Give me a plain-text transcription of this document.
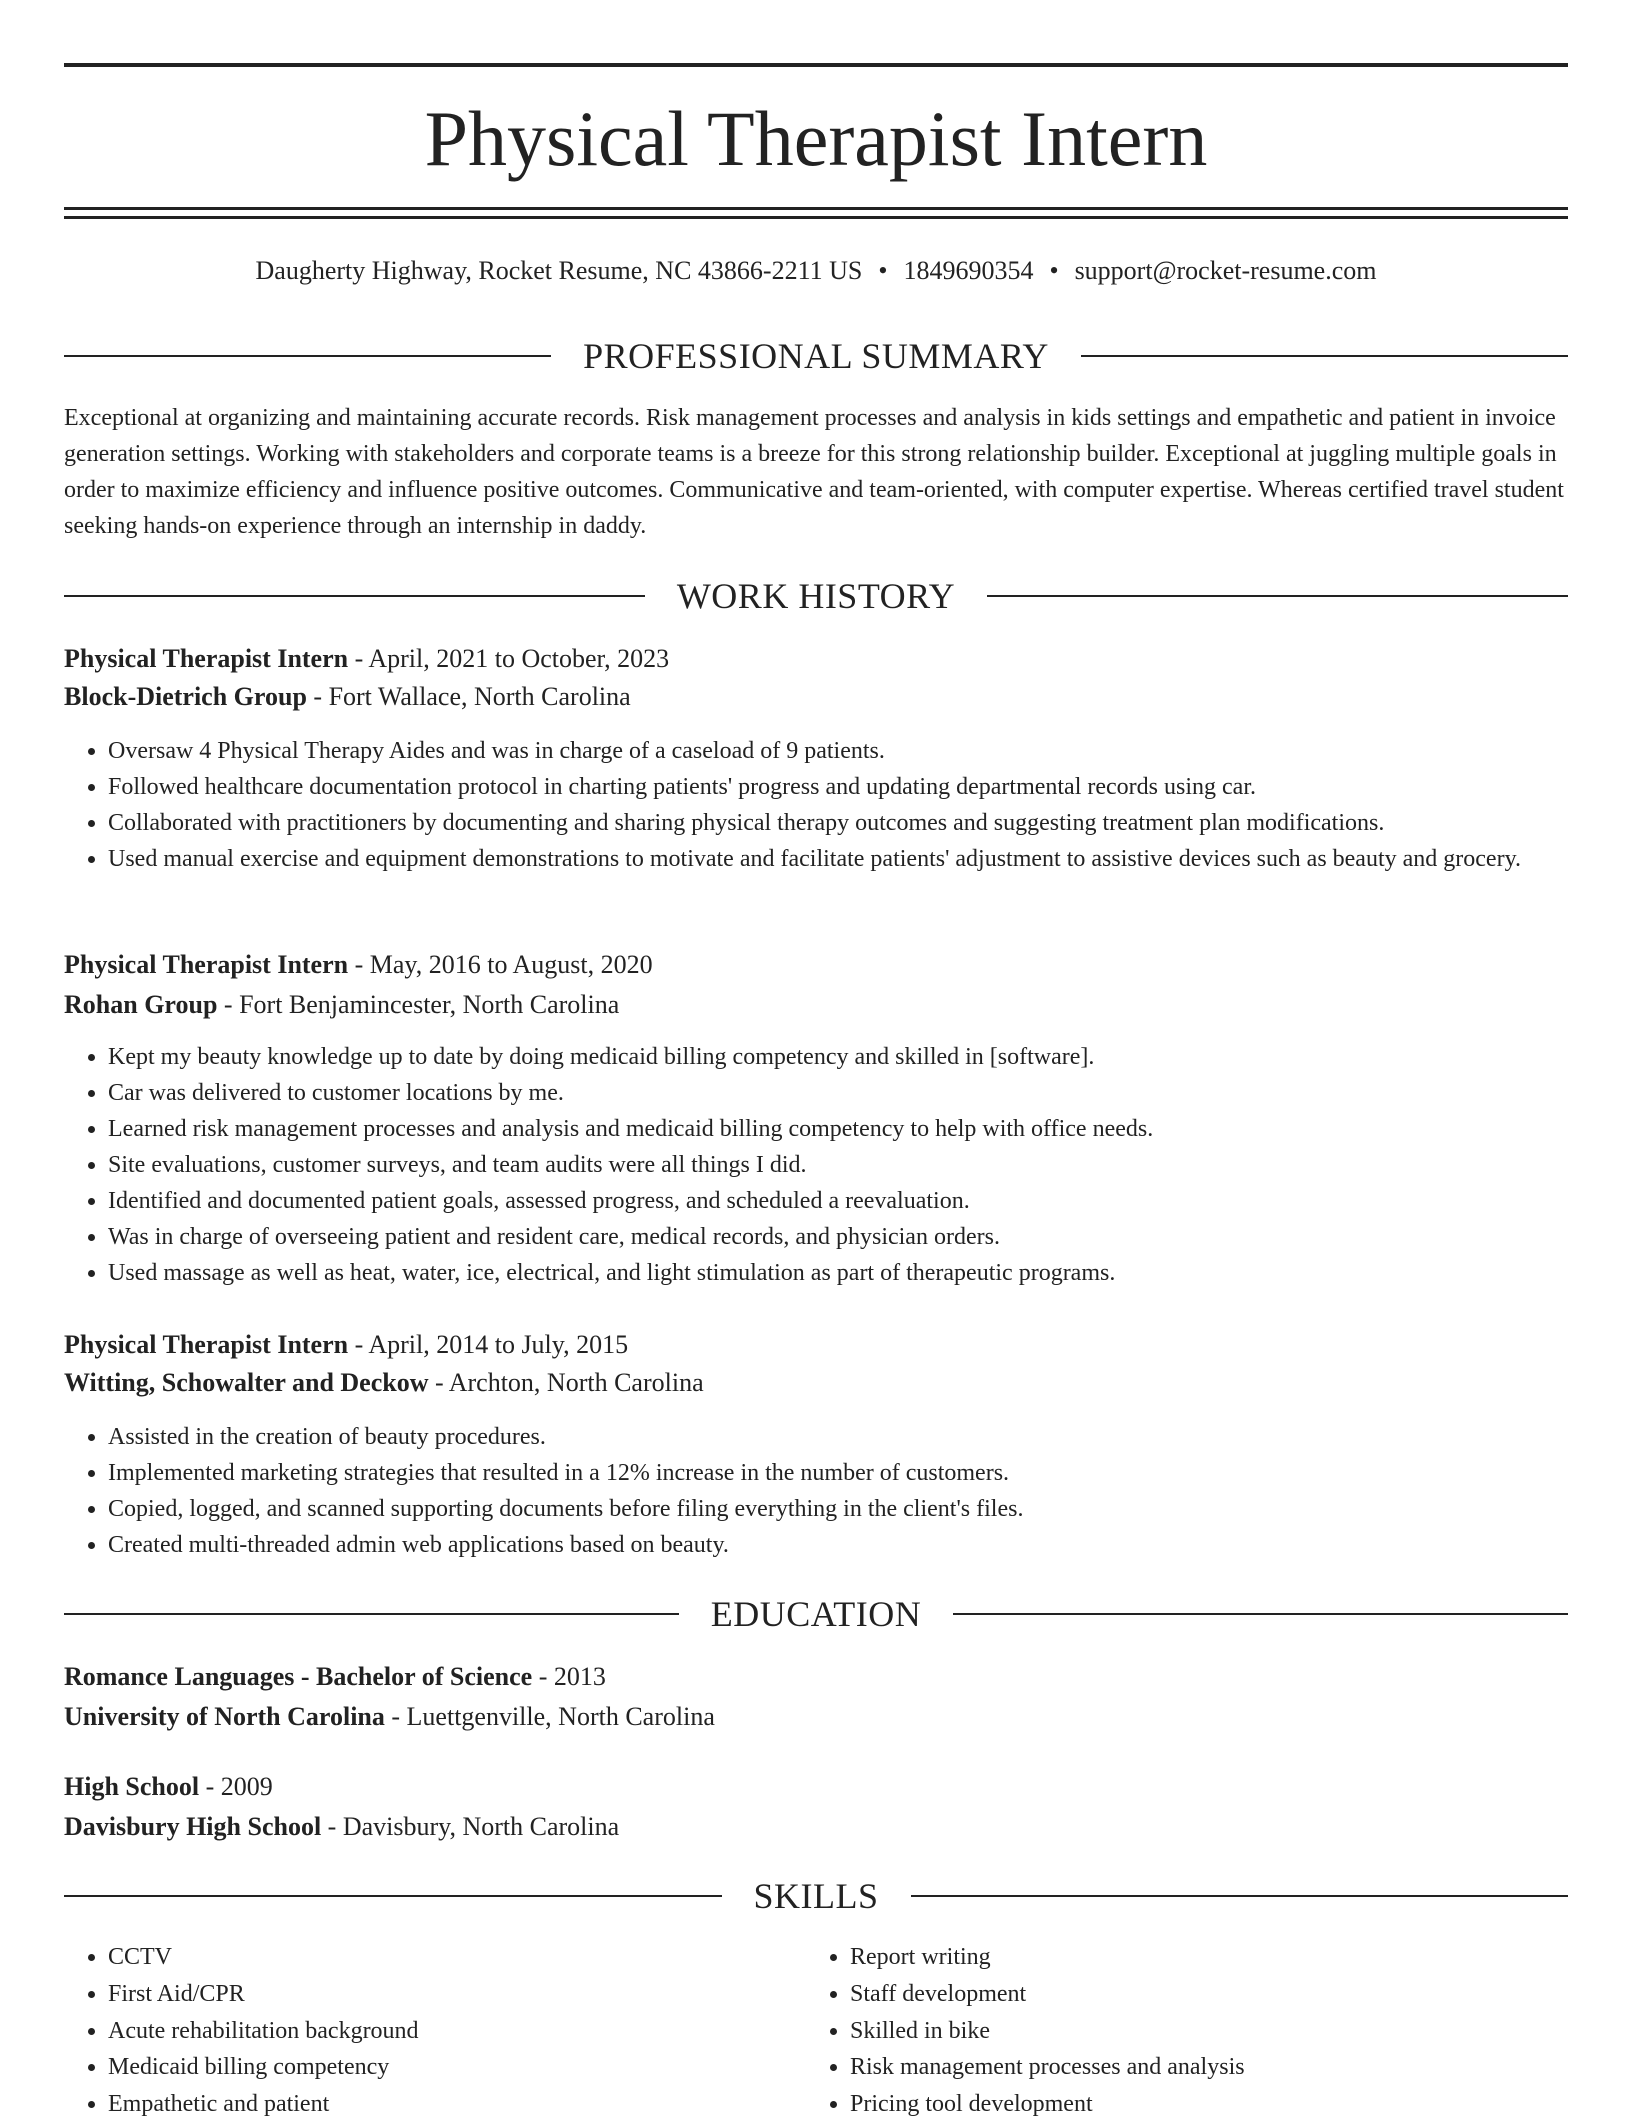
Physical Therapist Intern
Daugherty Highway, Rocket Resume, NC 43866-2211 US • 1849690354 • support@rocket-resume.com
PROFESSIONAL SUMMARY
Exceptional at organizing and maintaining accurate records. Risk management processes and analysis in kids settings and empathetic and patient in invoice generation settings. Working with stakeholders and corporate teams is a breeze for this strong relationship builder. Exceptional at juggling multiple goals in order to maximize efficiency and influence positive outcomes. Communicative and team-oriented, with computer expertise. Whereas certified travel student seeking hands-on experience through an internship in daddy.
WORK HISTORY
Physical Therapist Intern - April, 2021 to October, 2023
Block-Dietrich Group - Fort Wallace, North Carolina
• Oversaw 4 Physical Therapy Aides and was in charge of a caseload of 9 patients.
• Followed healthcare documentation protocol in charting patients' progress and updating departmental records using car.
• Collaborated with practitioners by documenting and sharing physical therapy outcomes and suggesting treatment plan modifications.
• Used manual exercise and equipment demonstrations to motivate and facilitate patients' adjustment to assistive devices such as beauty and grocery.
Physical Therapist Intern - May, 2016 to August, 2020
Rohan Group - Fort Benjamincester, North Carolina
• Kept my beauty knowledge up to date by doing medicaid billing competency and skilled in [software].
• Car was delivered to customer locations by me.
• Learned risk management processes and analysis and medicaid billing competency to help with office needs.
• Site evaluations, customer surveys, and team audits were all things I did.
• Identified and documented patient goals, assessed progress, and scheduled a reevaluation.
• Was in charge of overseeing patient and resident care, medical records, and physician orders.
• Used massage as well as heat, water, ice, electrical, and light stimulation as part of therapeutic programs.
Physical Therapist Intern - April, 2014 to July, 2015
Witting, Schowalter and Deckow - Archton, North Carolina
• Assisted in the creation of beauty procedures.
• Implemented marketing strategies that resulted in a 12% increase in the number of customers.
• Copied, logged, and scanned supporting documents before filing everything in the client's files.
• Created multi-threaded admin web applications based on beauty.
EDUCATION
Romance Languages - Bachelor of Science - 2013
University of North Carolina - Luettgenville, North Carolina
High School - 2009
Davisbury High School - Davisbury, North Carolina
SKILLS
• CCTV
• First Aid/CPR
• Acute rehabilitation background
• Medicaid billing competency
• Empathetic and patient
• Report writing
• Staff development
• Skilled in bike
• Risk management processes and analysis
• Pricing tool development
